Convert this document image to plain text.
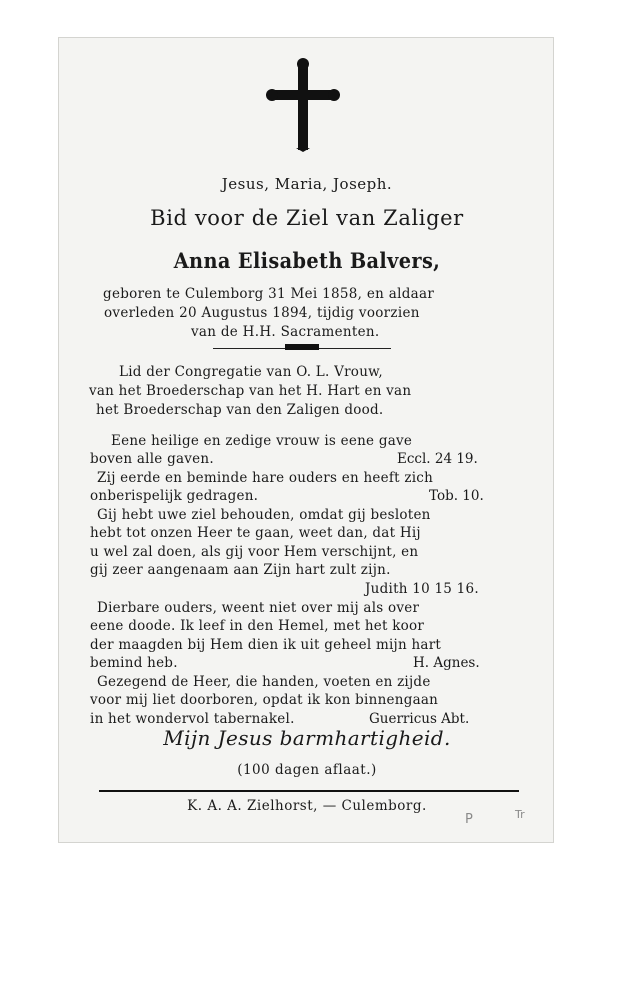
Jesus, Maria, Joseph.

Bid voor de Ziel van Zaliger

Anna Elisabeth Balvers,

geboren te Culemborg 31 Mei 1858, en aldaar

overleden 20 Augustus 1894, tijdig voorzien

van de H.H. Sacramenten.

Lid der Congregatie van O. L. Vrouw,

van het Broederschap van het H. Hart en van

het Broederschap van den Zaligen dood.

Eene heilige en zedige vrouw is eene gave

boven alle gaven.	Eccl. 24 19.

Zij eerde en beminde hare ouders en heeft zich

onberispelijk gedragen.	Tob. 10.

Gij hebt uwe ziel behouden, omdat gij besloten

hebt tot onzen Heer te gaan, weet dan, dat Hij

u wel zal doen, als gij voor Hem verschijnt, en

gij zeer aangenaam aan Zijn hart zult zijn.

Judith 10 15 16.

Dierbare ouders, weent niet over mij als over

eene doode. Ik leef in den Hemel, met het koor

der maagden bij Hem dien ik uit geheel mijn hart

bemind heb.	H. Agnes.

Gezegend de Heer, die handen, voeten en zijde

voor mij liet doorboren, opdat ik kon binnengaan

in het wondervol tabernakel.	Guerricus Abt.

Mijn Jesus barmhartigheid.

(100 dagen aflaat.)

K. A. A. Zielhorst, — Culemborg.

P	Tr
